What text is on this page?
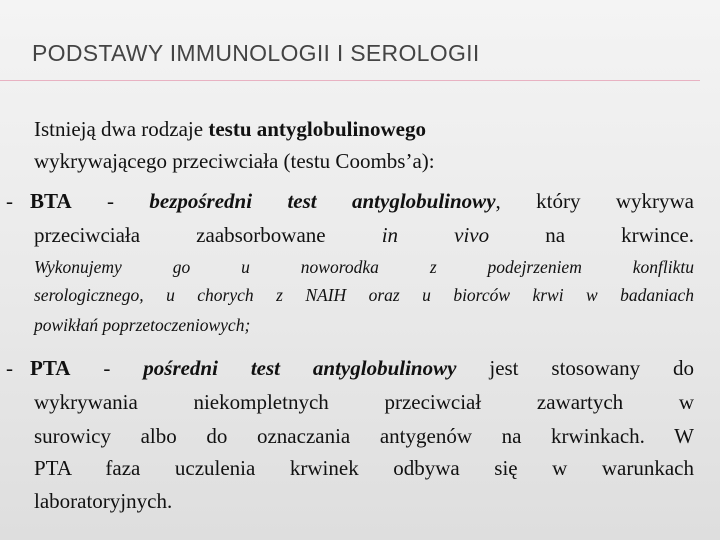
PODSTAWY IMMUNOLOGII I SEROLOGII
Istnieją dwa rodzaje testu antyglobulinowego
wykrywającego przeciwciała (testu Coombs’a):
- BTA - bezpośredni test antyglobulinowy, który wykrywa
przeciwciała zaabsorbowane in vivo na krwince.
Wykonujemy go u noworodka z podejrzeniem konfliktu
serologicznego, u chorych z NAIH oraz u biorców krwi w badaniach
powikłań poprzetoczeniowych;
- PTA - pośredni test antyglobulinowy jest stosowany do
wykrywania niekompletnych przeciwciał zawartych w
surowicy albo do oznaczania antygenów na krwinkach. W
PTA faza uczulenia krwinek odbywa się w warunkach
laboratoryjnych.
